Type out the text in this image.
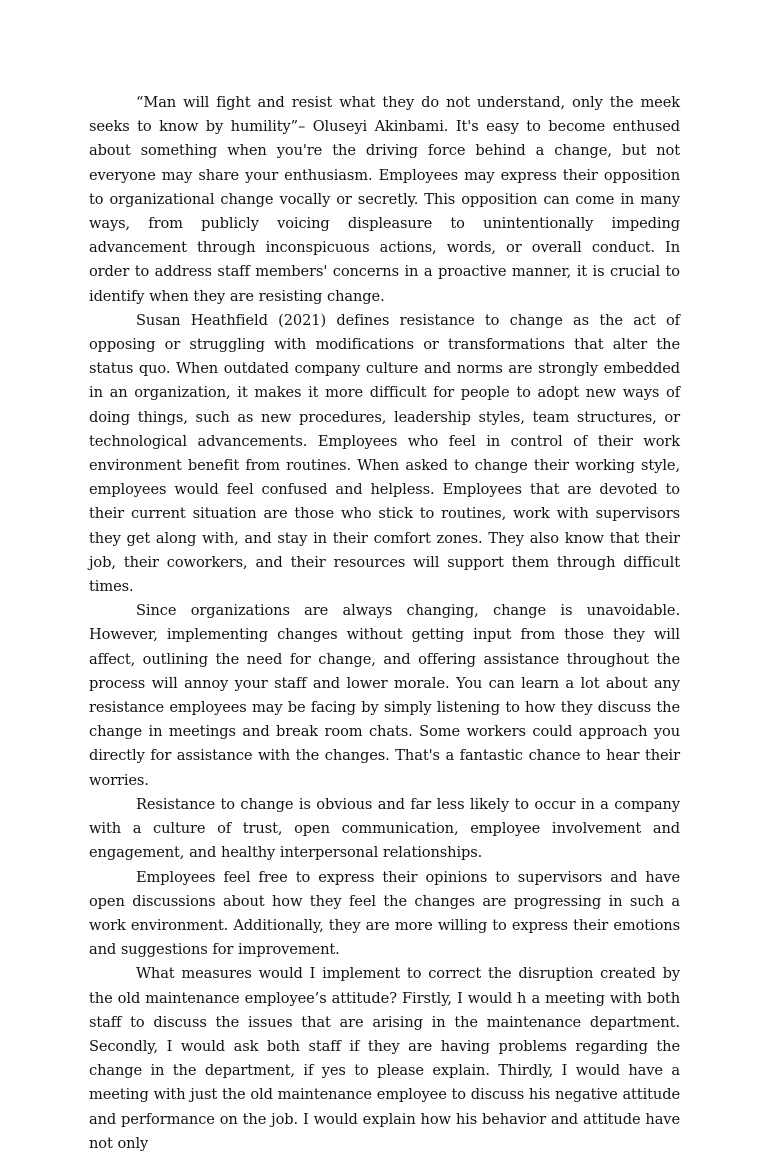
“Man will fight and resist what they do not understand, only the meek seeks to know by humility”– Oluseyi Akinbami. It's easy to become enthused about something when you're the driving force behind a change, but not everyone may share your enthusiasm. Employees may express their opposition to organizational change vocally or secretly. This opposition can come in many ways, from publicly voicing displeasure to unintentionally impeding advancement through inconspicuous actions, words, or overall conduct. In order to address staff members' concerns in a proactive manner, it is crucial to identify when they are resisting change.

Susan Heathfield (2021) defines resistance to change as the act of opposing or struggling with modifications or transformations that alter the status quo. When outdated company culture and norms are strongly embedded in an organization, it makes it more difficult for people to adopt new ways of doing things, such as new procedures, leadership styles, team structures, or technological advancements. Employees who feel in control of their work environment benefit from routines. When asked to change their working style, employees would feel confused and helpless. Employees that are devoted to their current situation are those who stick to routines, work with supervisors they get along with, and stay in their comfort zones. They also know that their job, their coworkers, and their resources will support them through difficult times.

Since organizations are always changing, change is unavoidable. However, implementing changes without getting input from those they will affect, outlining the need for change, and offering assistance throughout the process will annoy your staff and lower morale. You can learn a lot about any resistance employees may be facing by simply listening to how they discuss the change in meetings and break room chats. Some workers could approach you directly for assistance with the changes. That's a fantastic chance to hear their worries.

Resistance to change is obvious and far less likely to occur in a company with a culture of trust, open communication, employee involvement and engagement, and healthy interpersonal relationships.

Employees feel free to express their opinions to supervisors and have open discussions about how they feel the changes are progressing in such a work environment. Additionally, they are more willing to express their emotions and suggestions for improvement.

What measures would I implement to correct the disruption created by the old maintenance employee’s attitude? Firstly, I would h a meeting with both staff to discuss the issues that are arising in the maintenance department. Secondly, I would ask both staff if they are having problems regarding the change in the department, if yes to please explain. Thirdly, I would have a meeting with just the old maintenance employee to discuss his negative attitude and performance on the job. I would explain how his behavior and attitude have not only
